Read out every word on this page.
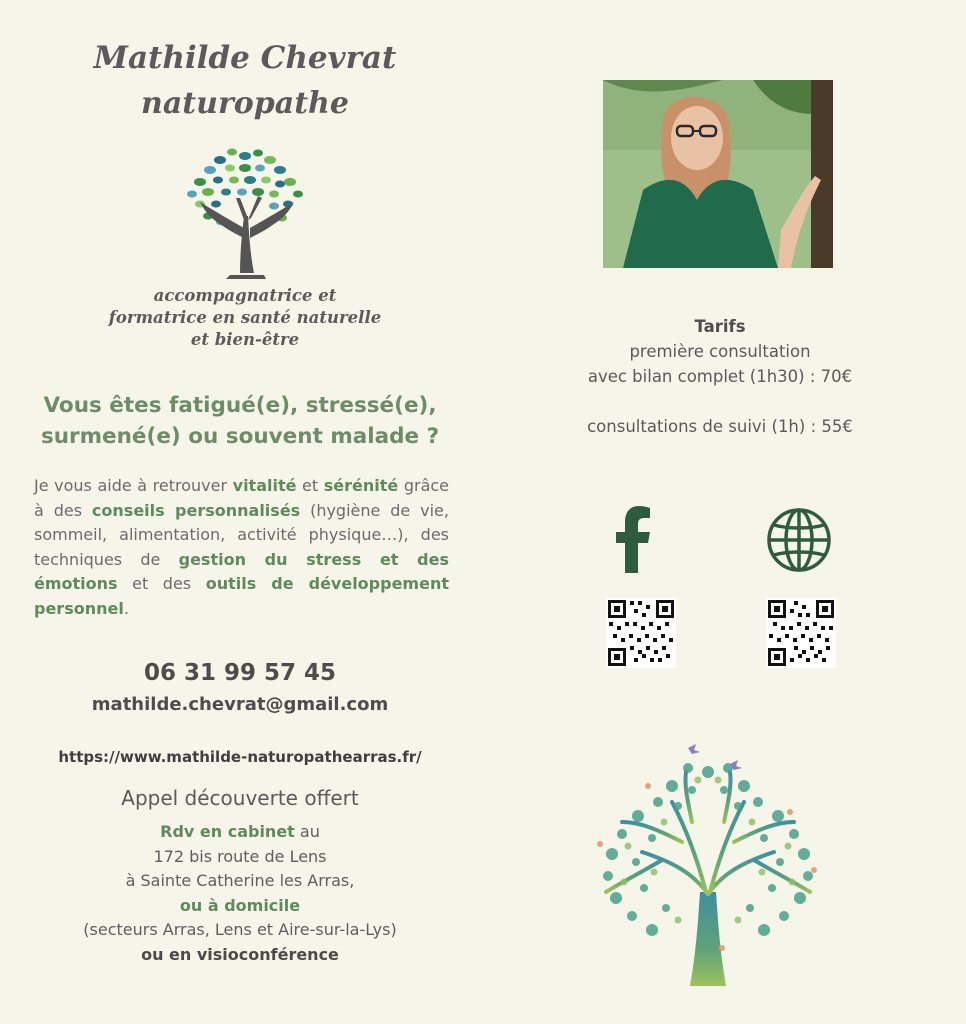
Mathilde Chevrat
naturopathe
accompagnatrice et
formatrice en santé naturelle
et bien-être
Vous êtes fatigué(e), stressé(e),
surmené(e) ou souvent malade ?
Je vous aide à retrouver vitalité et sérénité grâce à des conseils personnalisés (hygiène de vie, sommeil, alimentation, activité physique…), des techniques de gestion du stress et des émotions et des outils de développement personnel.
06 31 99 57 45
mathilde.chevrat@gmail.com
https://www.mathilde-naturopathearras.fr/
Appel découverte offert
Rdv en cabinet au
172 bis route de Lens
à Sainte Catherine les Arras,
ou à domicile
(secteurs Arras, Lens et Aire-sur-la-Lys)
ou en visioconférence
Tarifs
première consultation
avec bilan complet (1h30) : 70€
consultations de suivi (1h) : 55€
